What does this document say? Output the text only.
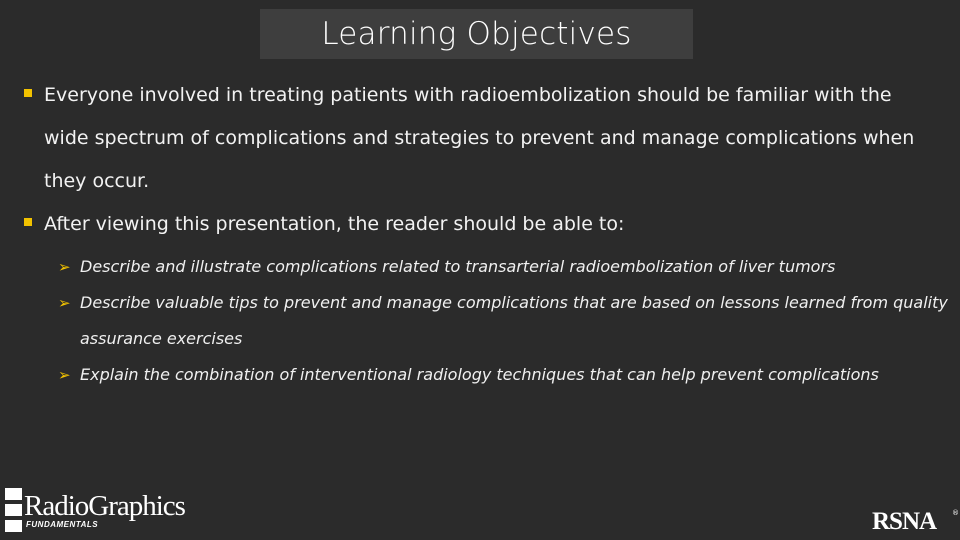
Learning Objectives
Everyone involved in treating patients with radioembolization should be familiar with the
wide spectrum of complications and strategies to prevent and manage complications when
they occur.
After viewing this presentation, the reader should be able to:
➢ Describe and illustrate complications related to transarterial radioembolization of liver tumors
➢ Describe valuable tips to prevent and manage complications that are based on lessons learned from quality
assurance exercises
➢ Explain the combination of interventional radiology techniques that can help prevent complications
RadioGraphics
FUNDAMENTALS	RSNA ®
